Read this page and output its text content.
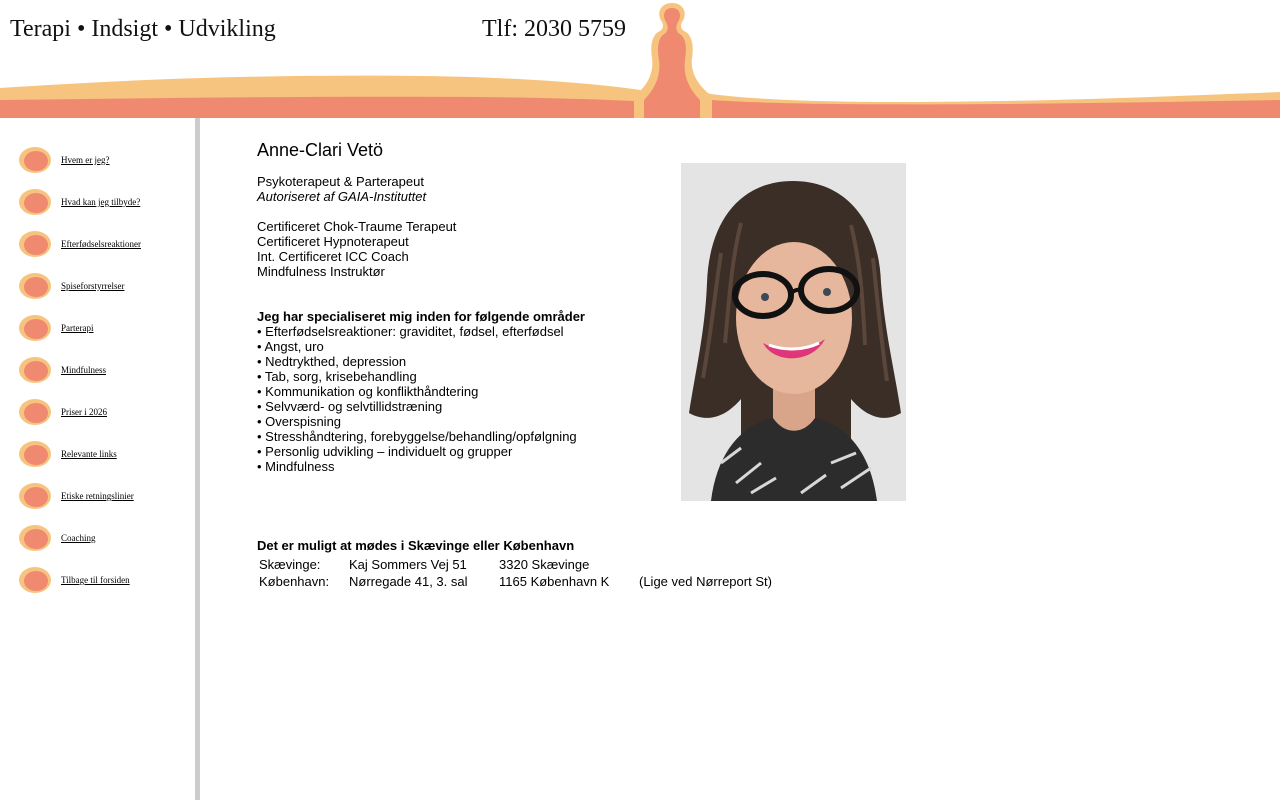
Terapi • Indsigt • Udvikling	Tlf: 2030 5759
Hvem er jeg?
Hvad kan jeg tilbyde?
Efterfødselsreaktioner
Spiseforstyrrelser
Parterapi
Mindfulness
Priser i 2026
Relevante links
Etiske retningslinier
Coaching
Tilbage til forsiden

Anne-Clari Vetö

Psykoterapeut & Parterapeut

Autoriseret af GAIA-Instituttet

Certificeret Chok-Traume Terapeut

Certificeret Hypnoterapeut

Int. Certificeret ICC Coach

Mindfulness Instruktør

Jeg har specialiseret mig inden for følgende områder

• Efterfødselsreaktioner: graviditet, fødsel, efterfødsel

• Angst, uro

• Nedtrykthed, depression

• Tab, sorg, krisebehandling

• Kommunikation og konflikthåndtering

• Selvværd- og selvtillidstræning

• Overspisning

• Stresshåndtering, forebyggelse/behandling/opfølgning

• Personlig udvikling – individuelt og grupper

• Mindfulness

Det er muligt at mødes i Skævinge eller København
Skævinge:	Kaj Sommers Vej 51	3320 Skævinge	
København:	Nørregade 41, 3. sal	1165 København K	(Lige ved Nørreport St)
